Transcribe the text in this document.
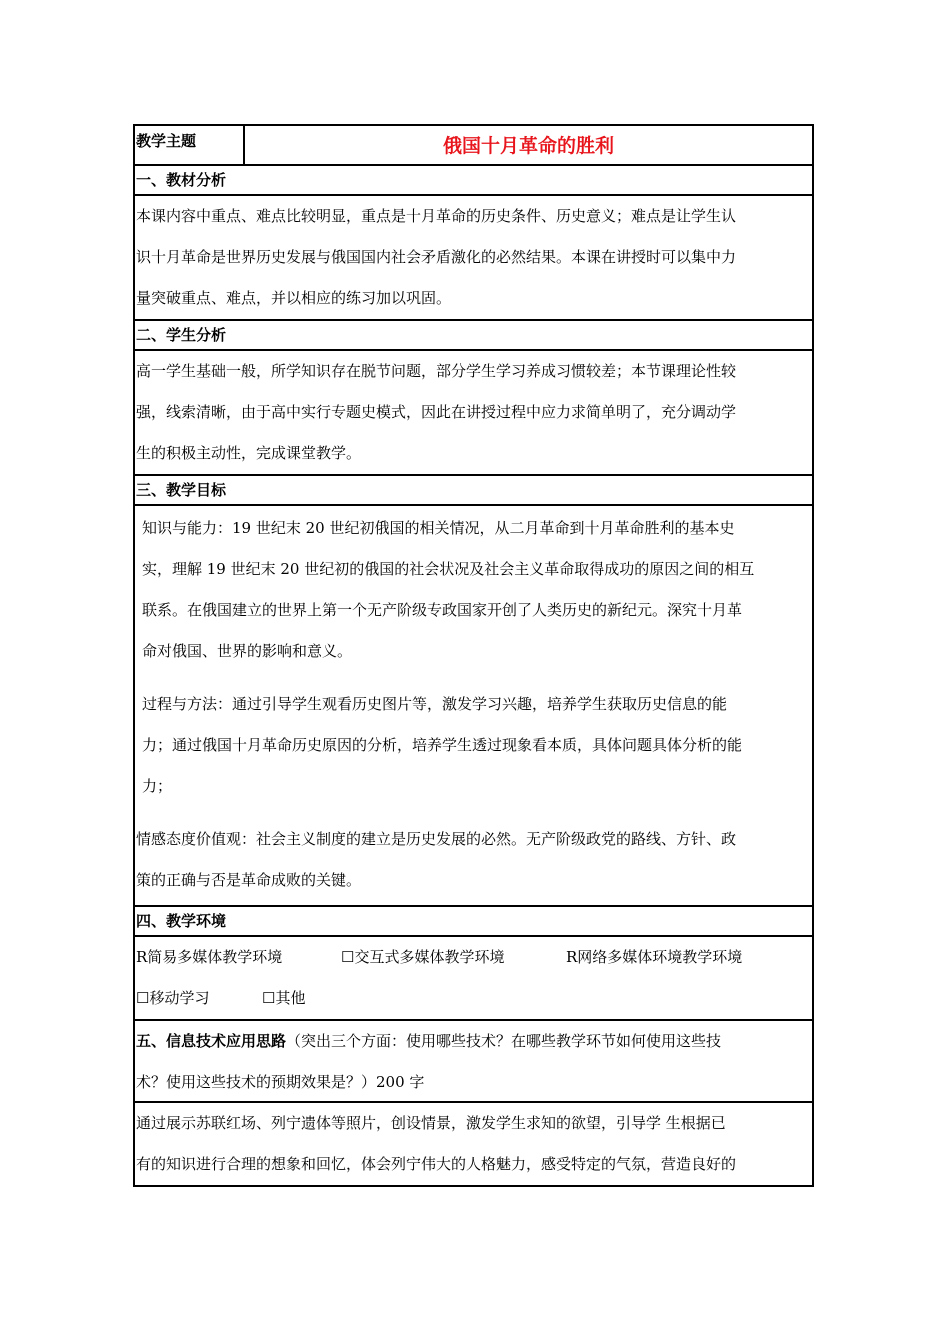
教学主题	俄国十月革命的胜利
一、教材分析

本课内容中重点、难点比较明显，重点是十月革命的历史条件、历史意义；难点是让学生认

识十月革命是世界历史发展与俄国国内社会矛盾激化的必然结果。本课在讲授时可以集中力

量突破重点、难点，并以相应的练习加以巩固。

二、学生分析

高一学生基础一般，所学知识存在脱节问题，部分学生学习养成习惯较差；本节课理论性较

强，线索清晰，由于高中实行专题史模式，因此在讲授过程中应力求简单明了，充分调动学

生的积极主动性，完成课堂教学。

三、教学目标

知识与能力：19 世纪末 20 世纪初俄国的相关情况，从二月革命到十月革命胜利的基本史

实，理解 19 世纪末 20 世纪初的俄国的社会状况及社会主义革命取得成功的原因之间的相互

联系。在俄国建立的世界上第一个无产阶级专政国家开创了人类历史的新纪元。深究十月革

命对俄国、世界的影响和意义。

过程与方法：通过引导学生观看历史图片等，激发学习兴趣，培养学生获取历史信息的能

力；通过俄国十月革命历史原因的分析，培养学生透过现象看本质，具体问题具体分析的能

力；

情感态度价值观：社会主义制度的建立是历史发展的必然。无产阶级政党的路线、方针、政

策的正确与否是革命成败的关键。

四、教学环境
R简易多媒体教学环境	☐交互式多媒体教学环境	R网络多媒体环境教学环境
☐移动学习	☐其他
五、信息技术应用思路（突出三个方面：使用哪些技术？在哪些教学环节如何使用这些技
术？使用这些技术的预期效果是？）200 字

通过展示苏联红场、列宁遗体等照片，创设情景，激发学生求知的欲望，引导学 生根据已

有的知识进行合理的想象和回忆，体会列宁伟大的人格魅力，感受特定的气氛，营造良好的
